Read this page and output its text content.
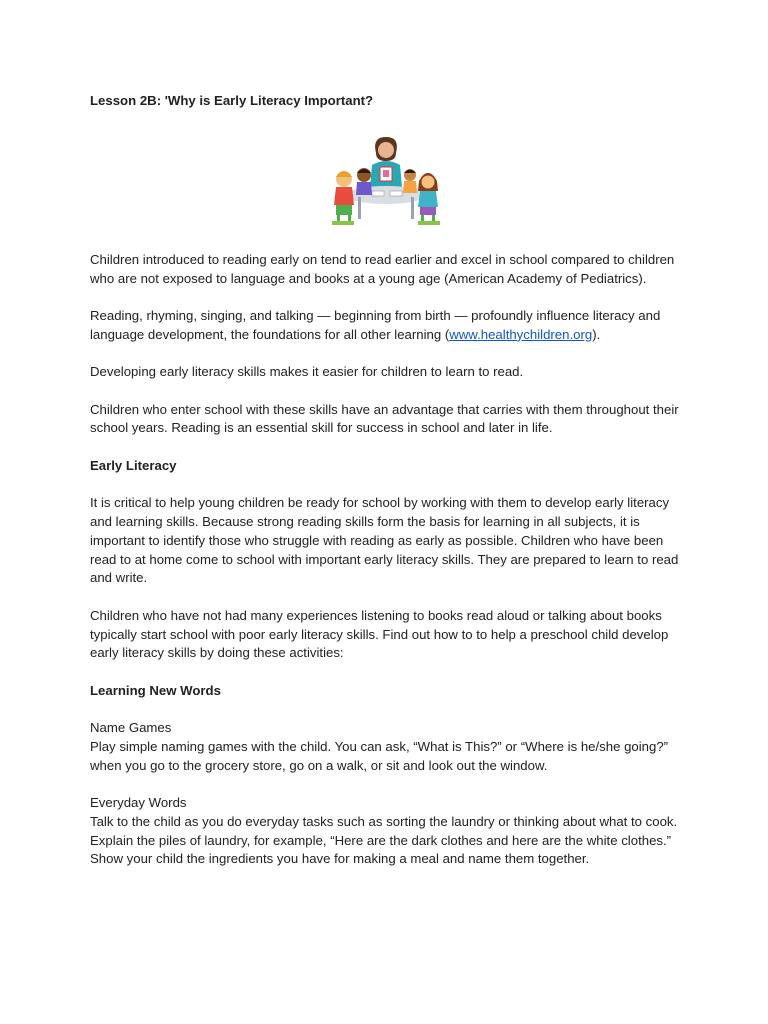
Lesson 2B: 'Why is Early Literacy Important?

Children introduced to reading early on tend to read earlier and excel in school compared to children who are not exposed to language and books at a young age (American Academy of Pediatrics).

Reading, rhyming, singing, and talking — beginning from birth — profoundly influence literacy and language development, the foundations for all other learning (www.healthychildren.org).

Developing early literacy skills makes it easier for children to learn to read.

Children who enter school with these skills have an advantage that carries with them throughout their school years. Reading is an essential skill for success in school and later in life.

Early Literacy

It is critical to help young children be ready for school by working with them to develop early literacy and learning skills. Because strong reading skills form the basis for learning in all subjects, it is important to identify those who struggle with reading as early as possible. Children who have been read to at home come to school with important early literacy skills. They are prepared to learn to read and write.

Children who have not had many experiences listening to books read aloud or talking about books typically start school with poor early literacy skills. Find out how to to help a preschool child develop early literacy skills by doing these activities:

Learning New Words

Name Games

Play simple naming games with the child. You can ask, “What is This?” or “Where is he/she going?” when you go to the grocery store, go on a walk, or sit and look out the window.

Everyday Words

Talk to the child as you do everyday tasks such as sorting the laundry or thinking about what to cook. Explain the piles of laundry, for example, “Here are the dark clothes and here are the white clothes.” Show your child the ingredients you have for making a meal and name them together.
